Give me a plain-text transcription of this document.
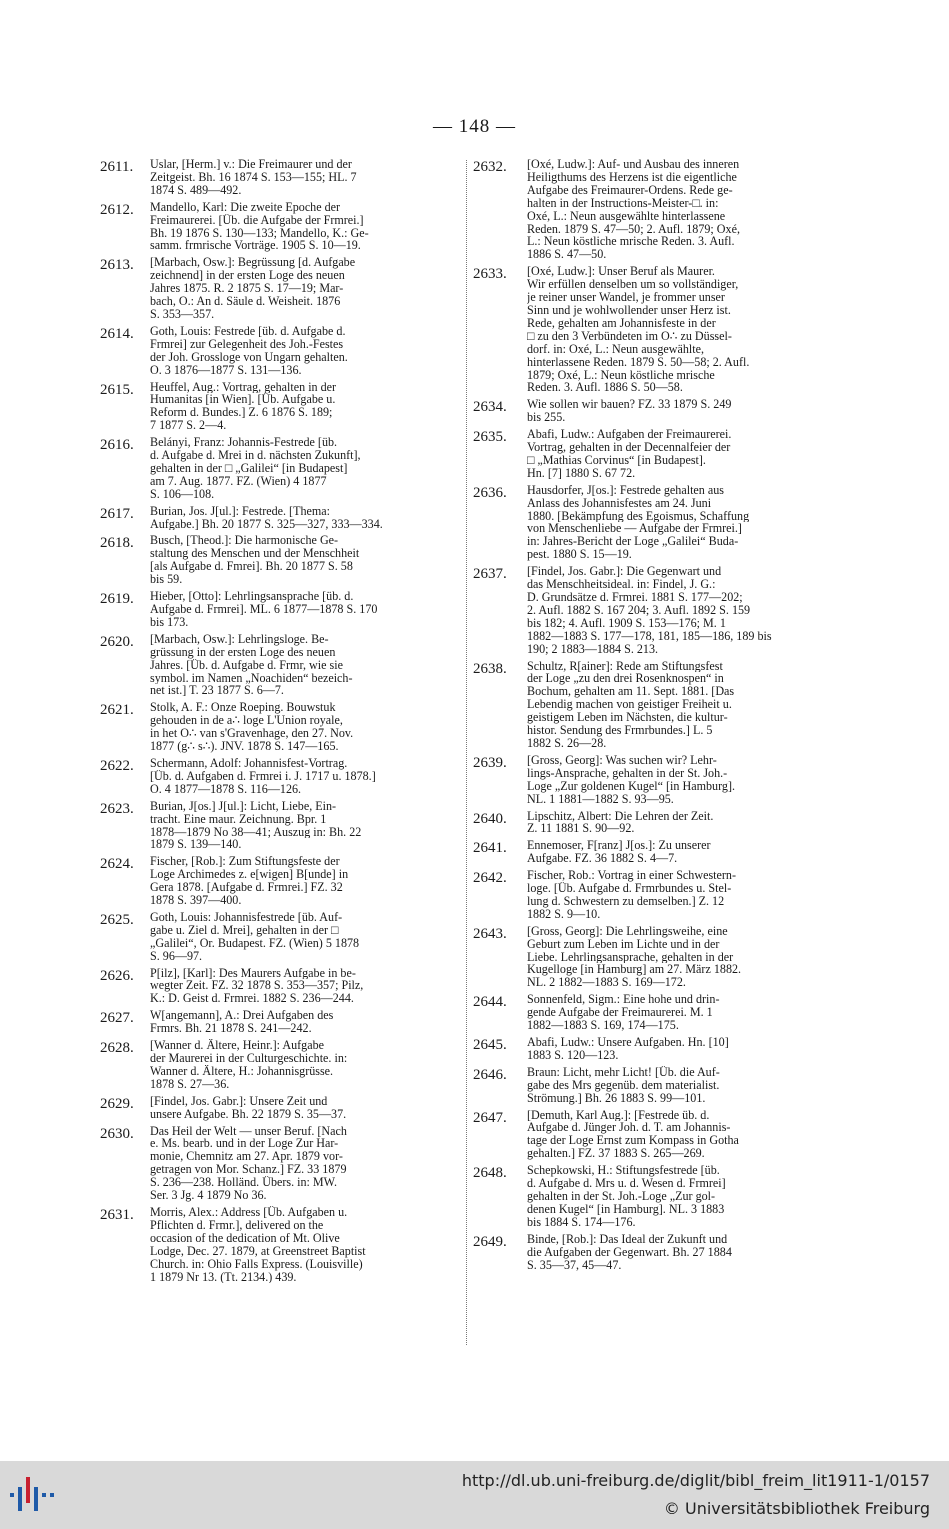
— 148 —
2611.	Uslar, [Herm.] v.: Die Freimaurer und der
Zeitgeist. Bh. 16 1874 S. 153—155; HL. 7
1874 S. 489—492.
2612.	Mandello, Karl: Die zweite Epoche der
Freimaurerei. [Üb. die Aufgabe der Frmrei.]
Bh. 19 1876 S. 130—133; Mandello, K.: Ge-
samm. frmrische Vorträge. 1905 S. 10—19.
2613.	[Marbach, Osw.]: Begrüssung [d. Aufgabe
zeichnend] in der ersten Loge des neuen
Jahres 1875. R. 2 1875 S. 17—19; Mar-
bach, O.: An d. Säule d. Weisheit. 1876
S. 353—357.
2614.	Goth, Louis: Festrede [üb. d. Aufgabe d.
Frmrei] zur Gelegenheit des Joh.-Festes
der Joh. Grossloge von Ungarn gehalten.
O. 3 1876—1877 S. 131—136.
2615.	Heuffel, Aug.: Vortrag, gehalten in der
Humanitas [in Wien]. [Üb. Aufgabe u.
Reform d. Bundes.] Z. 6 1876 S. 189;
7 1877 S. 2—4.
2616.	Belányi, Franz: Johannis-Festrede [üb.
d. Aufgabe d. Mrei in d. nächsten Zukunft],
gehalten in der □ „Galilei“ [in Budapest]
am 7. Aug. 1877. FZ. (Wien) 4 1877
S. 106—108.
2617.	Burian, Jos. J[ul.]: Festrede. [Thema:
Aufgabe.] Bh. 20 1877 S. 325—327, 333—334.
2618.	Busch, [Theod.]: Die harmonische Ge-
staltung des Menschen und der Menschheit
[als Aufgabe d. Fmrei]. Bh. 20 1877 S. 58
bis 59.
2619.	Hieber, [Otto]: Lehrlingsansprache [üb. d.
Aufgabe d. Frmrei]. ML. 6 1877—1878 S. 170
bis 173.
2620.	[Marbach, Osw.]: Lehrlingsloge. Be-
grüssung in der ersten Loge des neuen
Jahres. [Üb. d. Aufgabe d. Frmr, wie sie
symbol. im Namen „Noachiden“ bezeich-
net ist.] T. 23 1877 S. 6—7.
2621.	Stolk, A. F.: Onze Roeping. Bouwstuk
gehouden in de a∴ loge L'Union royale,
in het O∴ van s'Gravenhage, den 27. Nov.
1877 (g∴ s∴). JNV. 1878 S. 147—165.
2622.	Schermann, Adolf: Johannisfest-Vortrag.
[Üb. d. Aufgaben d. Frmrei i. J. 1717 u. 1878.]
O. 4 1877—1878 S. 116—126.
2623.	Burian, J[os.] J[ul.]: Licht, Liebe, Ein-
tracht. Eine maur. Zeichnung. Bpr. 1
1878—1879 No 38—41; Auszug in: Bh. 22
1879 S. 139—140.
2624.	Fischer, [Rob.]: Zum Stiftungsfeste der
Loge Archimedes z. e[wigen] B[unde] in
Gera 1878. [Aufgabe d. Frmrei.] FZ. 32
1878 S. 397—400.
2625.	Goth, Louis: Johannisfestrede [üb. Auf-
gabe u. Ziel d. Mrei], gehalten in der □
„Galilei“, Or. Budapest. FZ. (Wien) 5 1878
S. 96—97.
2626.	P[ilz], [Karl]: Des Maurers Aufgabe in be-
wegter Zeit. FZ. 32 1878 S. 353—357; Pilz,
K.: D. Geist d. Frmrei. 1882 S. 236—244.
2627.	W[angemann], A.: Drei Aufgaben des
Frmrs. Bh. 21 1878 S. 241—242.
2628.	[Wanner d. Ältere, Heinr.]: Aufgabe
der Maurerei in der Culturgeschichte. in:
Wanner d. Ältere, H.: Johannisgrüsse.
1878 S. 27—36.
2629.	[Findel, Jos. Gabr.]: Unsere Zeit und
unsere Aufgabe. Bh. 22 1879 S. 35—37.
2630.	Das Heil der Welt — unser Beruf. [Nach
e. Ms. bearb. und in der Loge Zur Har-
monie, Chemnitz am 27. Apr. 1879 vor-
getragen von Mor. Schanz.] FZ. 33 1879
S. 236—238. Holländ. Übers. in: MW.
Ser. 3 Jg. 4 1879 No 36.
2631.	Morris, Alex.: Address [Üb. Aufgaben u.
Pflichten d. Frmr.], delivered on the
occasion of the dedication of Mt. Olive
Lodge, Dec. 27. 1879, at Greenstreet Baptist
Church. in: Ohio Falls Express. (Louisville)
1 1879 Nr 13. (Tt. 2134.) 439.
2632.	[Oxé, Ludw.]: Auf- und Ausbau des inneren
Heiligthums des Herzens ist die eigentliche
Aufgabe des Freimaurer-Ordens. Rede ge-
halten in der Instructions-Meister-□. in:
Oxé, L.: Neun ausgewählte hinterlassene
Reden. 1879 S. 47—50; 2. Aufl. 1879; Oxé,
L.: Neun köstliche mrische Reden. 3. Aufl.
1886 S. 47—50.
2633.	[Oxé, Ludw.]: Unser Beruf als Maurer.
Wir erfüllen denselben um so vollständiger,
je reiner unser Wandel, je frommer unser
Sinn und je wohlwollender unser Herz ist.
Rede, gehalten am Johannisfeste in der
□ zu den 3 Verbündeten im O∴ zu Düssel-
dorf. in: Oxé, L.: Neun ausgewählte,
hinterlassene Reden. 1879 S. 50—58; 2. Aufl.
1879; Oxé, L.: Neun köstliche mrische
Reden. 3. Aufl. 1886 S. 50—58.
2634.	Wie sollen wir bauen? FZ. 33 1879 S. 249
bis 255.
2635.	Abafi, Ludw.: Aufgaben der Freimaurerei.
Vortrag, gehalten in der Decennalfeier der
□ „Mathias Corvinus“ [in Budapest].
Hn. [7] 1880 S. 67 72.
2636.	Hausdorfer, J[os.]: Festrede gehalten aus
Anlass des Johannisfestes am 24. Juni
1880. [Bekämpfung des Egoismus, Schaffung
von Menschenliebe — Aufgabe der Frmrei.]
in: Jahres-Bericht der Loge „Galilei“ Buda-
pest. 1880 S. 15—19.
2637.	[Findel, Jos. Gabr.]: Die Gegenwart und
das Menschheitsideal. in: Findel, J. G.:
D. Grundsätze d. Frmrei. 1881 S. 177—202;
2. Aufl. 1882 S. 167 204; 3. Aufl. 1892 S. 159
bis 182; 4. Aufl. 1909 S. 153—176; M. 1
1882—1883 S. 177—178, 181, 185—186, 189 bis
190; 2 1883—1884 S. 213.
2638.	Schultz, R[ainer]: Rede am Stiftungsfest
der Loge „zu den drei Rosenknospen“ in
Bochum, gehalten am 11. Sept. 1881. [Das
Lebendig machen von geistiger Freiheit u.
geistigem Leben im Nächsten, die kultur-
histor. Sendung des Frmrbundes.] L. 5
1882 S. 26—28.
2639.	[Gross, Georg]: Was suchen wir? Lehr-
lings-Ansprache, gehalten in der St. Joh.-
Loge „Zur goldenen Kugel“ [in Hamburg].
NL. 1 1881—1882 S. 93—95.
2640.	Lipschitz, Albert: Die Lehren der Zeit.
Z. 11 1881 S. 90—92.
2641.	Ennemoser, F[ranz] J[os.]: Zu unserer
Aufgabe. FZ. 36 1882 S. 4—7.
2642.	Fischer, Rob.: Vortrag in einer Schwestern-
loge. [Üb. Aufgabe d. Frmrbundes u. Stel-
lung d. Schwestern zu demselben.] Z. 12
1882 S. 9—10.
2643.	[Gross, Georg]: Die Lehrlingsweihe, eine
Geburt zum Leben im Lichte und in der
Liebe. Lehrlingsansprache, gehalten in der
Kugelloge [in Hamburg] am 27. März 1882.
NL. 2 1882—1883 S. 169—172.
2644.	Sonnenfeld, Sigm.: Eine hohe und drin-
gende Aufgabe der Freimaurerei. M. 1
1882—1883 S. 169, 174—175.
2645.	Abafi, Ludw.: Unsere Aufgaben. Hn. [10]
1883 S. 120—123.
2646.	Braun: Licht, mehr Licht! [Üb. die Auf-
gabe des Mrs gegenüb. dem materialist.
Strömung.] Bh. 26 1883 S. 99—101.
2647.	[Demuth, Karl Aug.]: [Festrede üb. d.
Aufgabe d. Jünger Joh. d. T. am Johannis-
tage der Loge Ernst zum Kompass in Gotha
gehalten.] FZ. 37 1883 S. 265—269.
2648.	Schepkowski, H.: Stiftungsfestrede [üb.
d. Aufgabe d. Mrs u. d. Wesen d. Frmrei]
gehalten in der St. Joh.-Loge „Zur gol-
denen Kugel“ [in Hamburg]. NL. 3 1883
bis 1884 S. 174—176.
2649.	Binde, [Rob.]: Das Ideal der Zukunft und
die Aufgaben der Gegenwart. Bh. 27 1884
S. 35—37, 45—47.
http://dl.ub.uni-freiburg.de/diglit/bibl_freim_lit1911-1/0157
© Universitätsbibliothek Freiburg
